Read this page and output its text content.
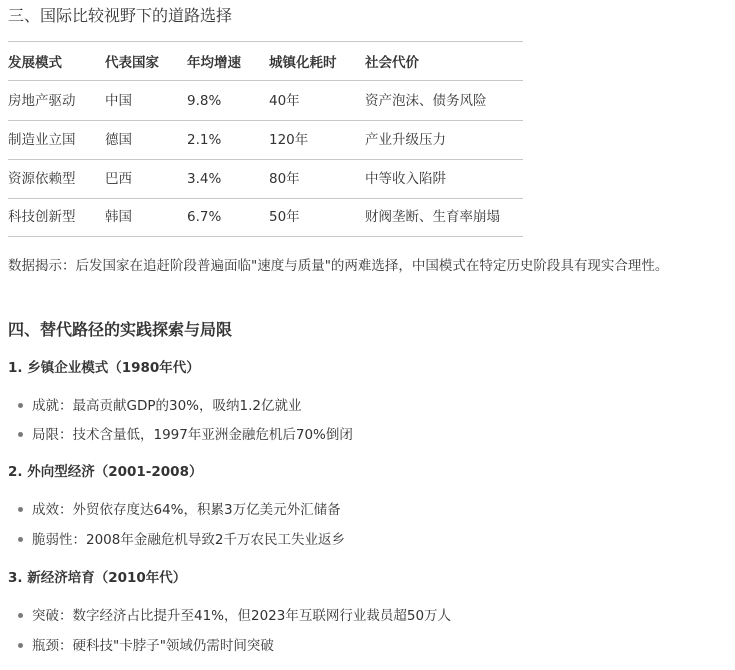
三、国际比较视野下的道路选择
发展模式	代表国家 年均增速 城镇化耗时 社会代价
房地产驱动 中国	9.8%	40年	资产泡沫、债务风险
制造业立国 德国	2.1%	120年	产业升级压力
资源依赖型 巴西	3.4%	80年	中等收入陷阱
科技创新型 韩国	6.7%	50年	财阀垄断、生育率崩塌
数据揭示：后发国家在追赶阶段普遍面临"速度与质量"的两难选择，中国模式在特定历史阶段具有现实合理性。
四、替代路径的实践探索与局限
1. 乡镇企业模式（1980年代）
成就：最高贡献GDP的30%，吸纳1.2亿就业
局限：技术含量低，1997年亚洲金融危机后70%倒闭
2. 外向型经济（2001-2008）
成效：外贸依存度达64%，积累3万亿美元外汇储备
脆弱性：2008年金融危机导致2千万农民工失业返乡
3. 新经济培育（2010年代）
突破：数字经济占比提升至41%，但2023年互联网行业裁员超50万人
瓶颈：硬科技"卡脖子"领域仍需时间突破
